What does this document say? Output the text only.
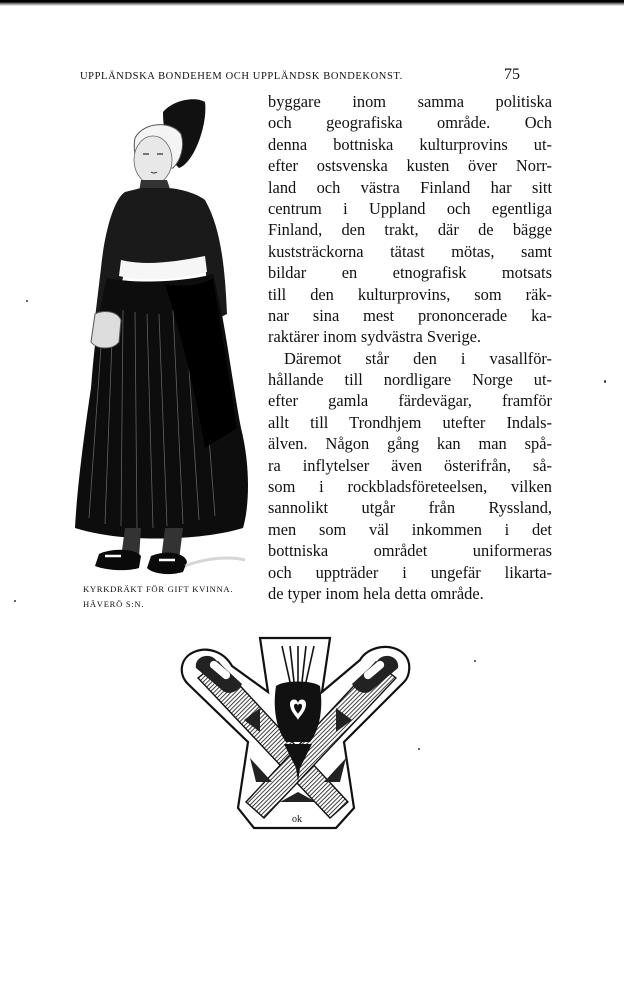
UPPLÄNDSKA BONDEHEM OCH UPPLÄNDSK BONDEKONST.	75
KYRKDRÄKT FÖR GIFT KVINNA.
HÄVERÖ S:N.
byggare inom samma politiska
och geografiska område. Och
denna bottniska kulturprovins ut-
efter ostsvenska kusten över Norr-
land och västra Finland har sitt
centrum i Uppland och egentliga
Finland, den trakt, där de bägge
kuststräckorna tätast mötas, samt
bildar en etnografisk motsats
till den kulturprovins, som räk-
nar sina mest prononcerade ka-
raktärer inom sydvästra Sverige.
Däremot står den i vasallför-
hållande till nordligare Norge ut-
efter gamla färdevägar, framför
allt till Trondhjem utefter Indals-
älven. Någon gång kan man spå-
ra inflytelser även österifrån, så-
som i rockbladsföreteelsen, vilken
sannolikt utgår från Ryssland,
men som väl inkommen i det
bottniska området uniformeras
och uppträder i ungefär likarta-
de typer inom hela detta område.
ok
